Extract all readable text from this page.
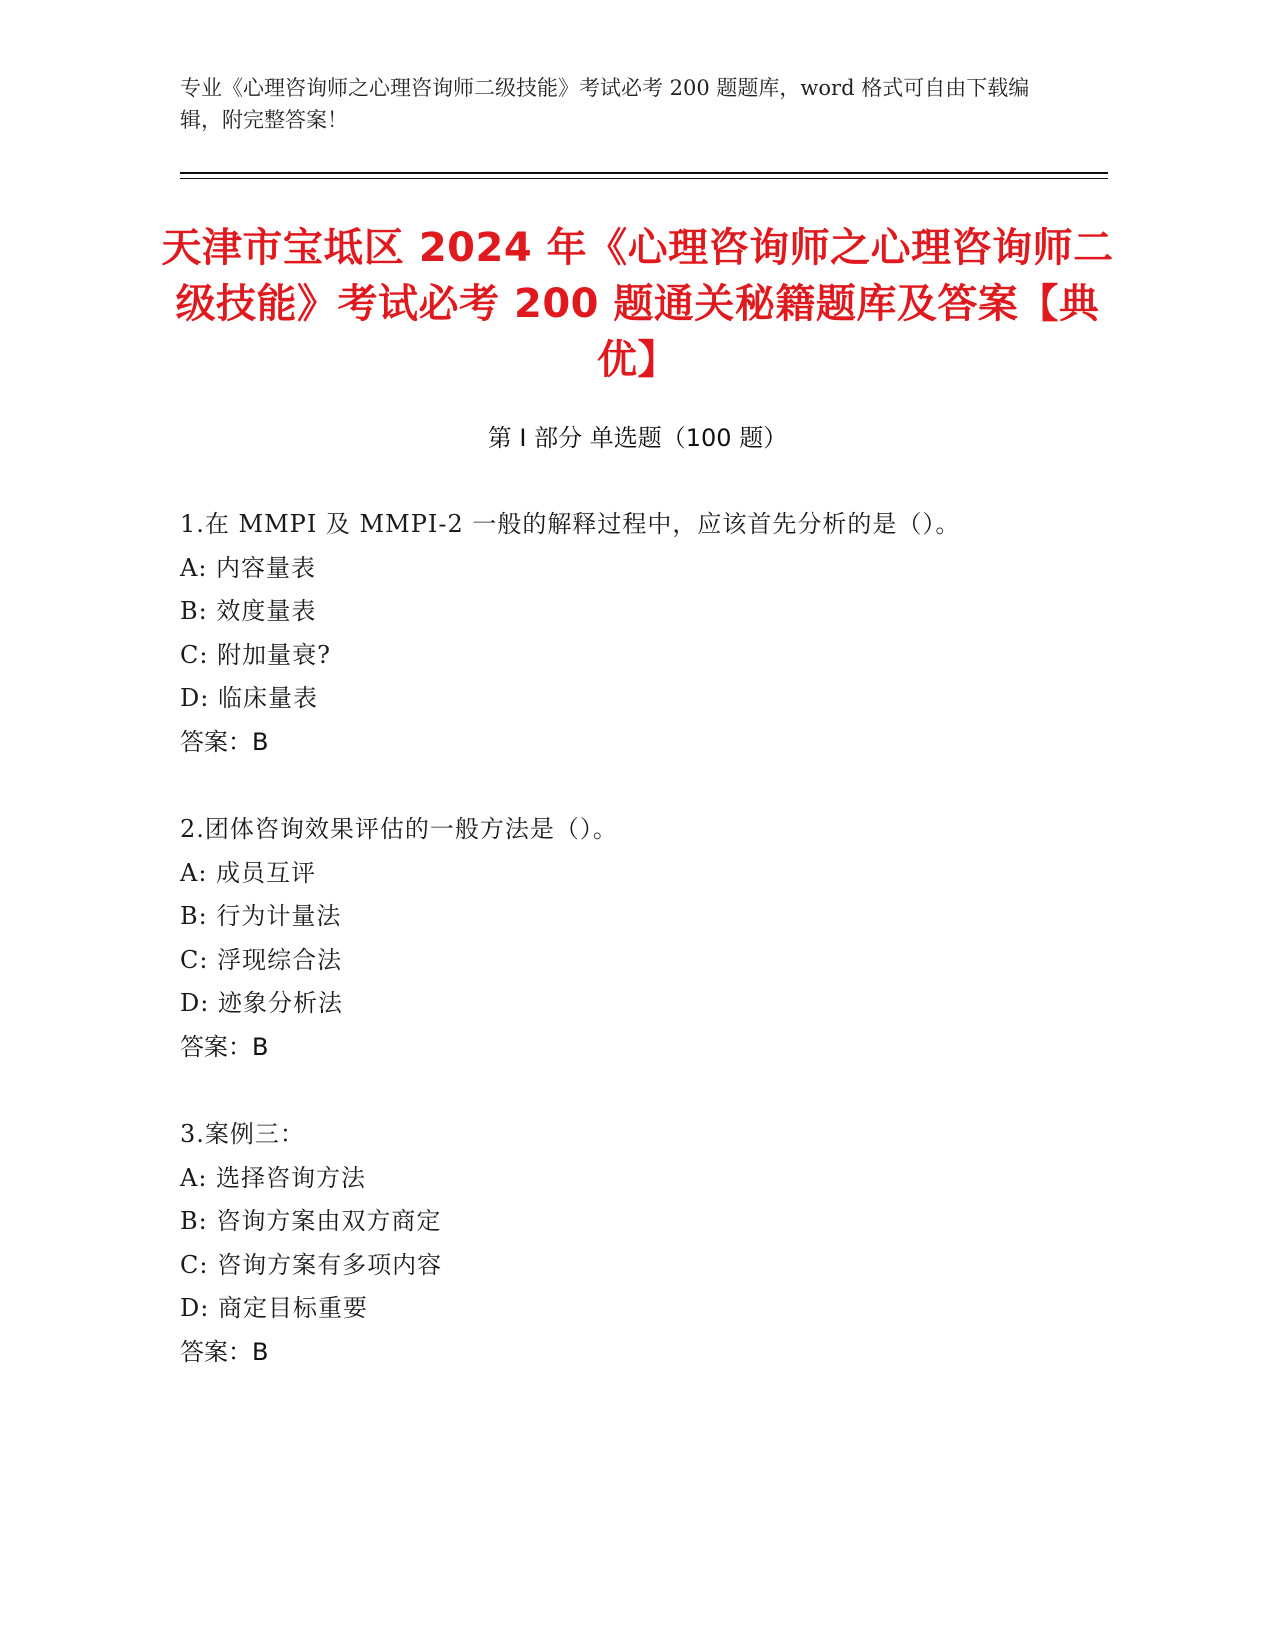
专业《心理咨询师之心理咨询师二级技能》考试必考 200 题题库，word 格式可自由下载编辑，附完整答案！
天津市宝坻区 2024 年《心理咨询师之心理咨询师二级技能》考试必考 200 题通关秘籍题库及答案【典优】
第 I 部分 单选题（100 题）
1.在 MMPI 及 MMPI-2 一般的解释过程中，应该首先分析的是（）。
A: 内容量表
B: 效度量表
C: 附加量衰?
D: 临床量表
答案：B
2.团体咨询效果评估的一般方法是（）。
A: 成员互评
B: 行为计量法
C: 浮现综合法
D: 迹象分析法
答案：B
3.案例三：
A: 选择咨询方法
B: 咨询方案由双方商定
C: 咨询方案有多项内容
D: 商定目标重要
答案：B
